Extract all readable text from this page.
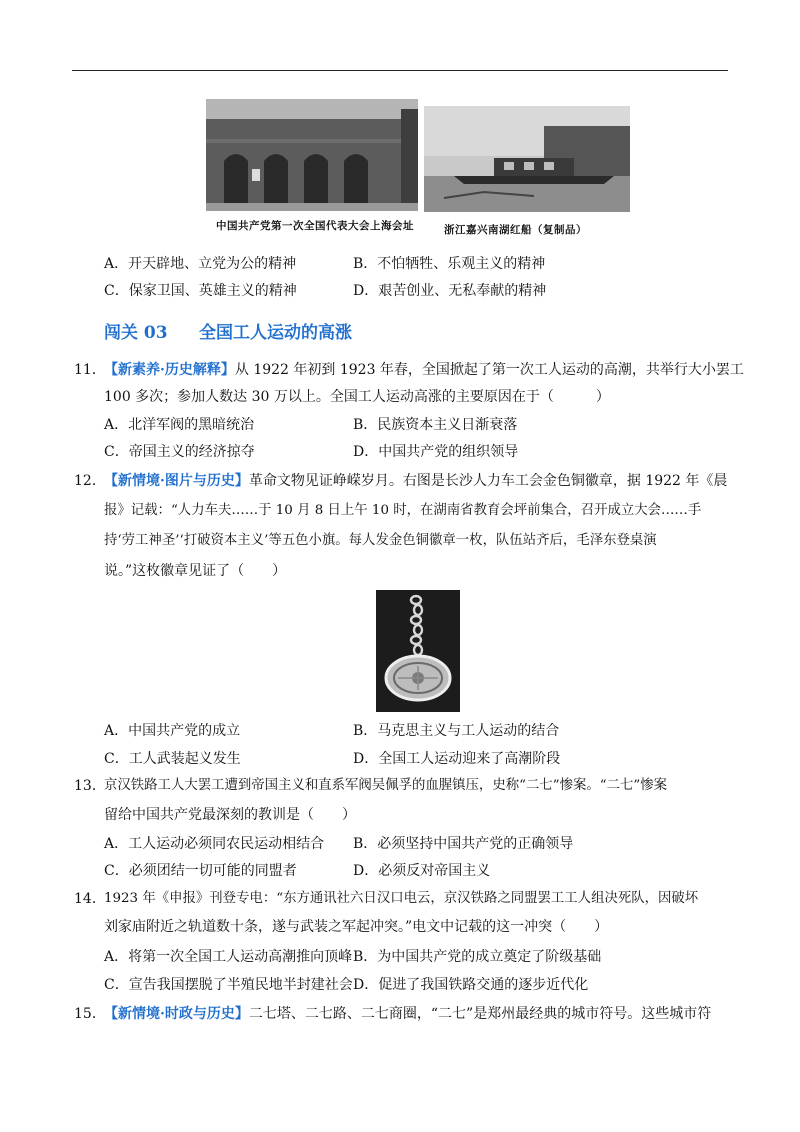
中国共产党第一次全国代表大会上海会址	浙江嘉兴南湖红船（复制品）
A．开天辟地、立党为公的精神	B．不怕牺牲、乐观主义的精神
C．保家卫国、英雄主义的精神	D．艰苦创业、无私奉献的精神
闯关 03 全国工人运动的高涨
11．
【新素养·历史解释】从 1922 年初到 1923 年春，全国掀起了第一次工人运动的高潮，共举行大小罢工
100 多次；参加人数达 30 万以上。全国工人运动高涨的主要原因在于（　　　）
A．北洋军阀的黑暗统治	B．民族资本主义日渐衰落
C．帝国主义的经济掠夺	D．中国共产党的组织领导
12．
【新情境·图片与历史】革命文物见证峥嵘岁月。右图是长沙人力车工会金色铜徽章，据 1922 年《晨
报》记载：“人力车夫……于 10 月 8 日上午 10 时，在湖南省教育会坪前集合，召开成立大会……手
持‘劳工神圣’‘打破资本主义’等五色小旗。每人发金色铜徽章一枚，队伍站齐后，毛泽东登桌演
说。”这枚徽章见证了（　　）
A．中国共产党的成立	B．马克思主义与工人运动的结合
C．工人武装起义发生	D．全国工人运动迎来了高潮阶段
13．
京汉铁路工人大罢工遭到帝国主义和直系军阀吴佩孚的血腥镇压，史称“二七”惨案。“二七”惨案
留给中国共产党最深刻的教训是（　　）
A．工人运动必须同农民运动相结合 B．必须坚持中国共产党的正确领导
C．必须团结一切可能的同盟者	D．必须反对帝国主义
14．
1923 年《申报》刊登专电：“东方通讯社六日汉口电云，京汉铁路之同盟罢工工人组决死队，因破坏
刘家庙附近之轨道数十条，遂与武装之军起冲突。”电文中记载的这一冲突（　　）
A．将第一次全国工人运动高潮推向顶峰 B．为中国共产党的成立奠定了阶级基础
C．宣告我国摆脱了半殖民地半封建社会 D．促进了我国铁路交通的逐步近代化
15．
【新情境·时政与历史】二七塔、二七路、二七商圈，“二七”是郑州最经典的城市符号。这些城市符
